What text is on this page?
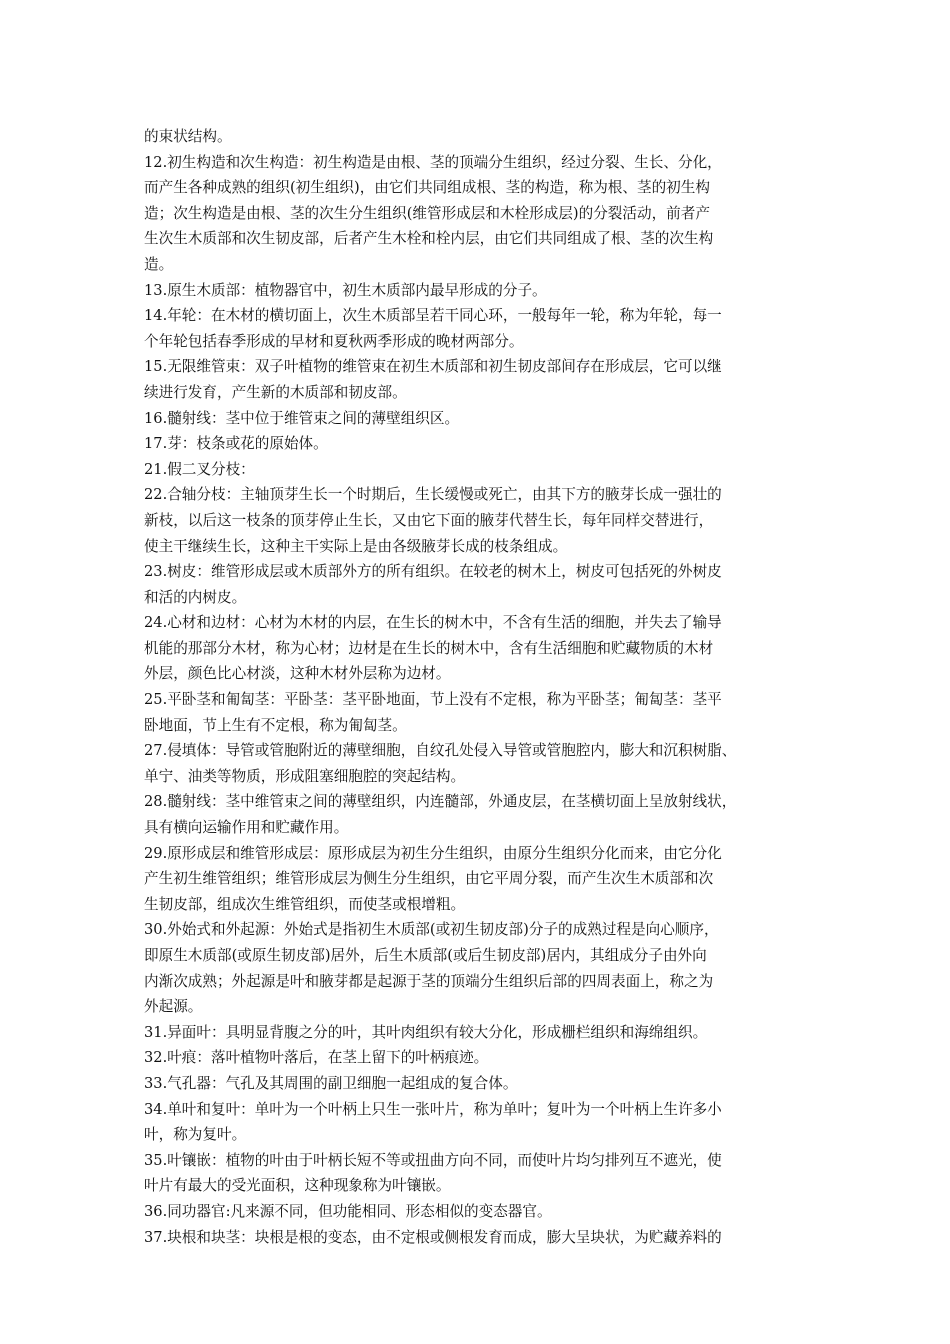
的束状结构。

12.初生构造和次生构造：初生构造是由根、茎的顶端分生组织，经过分裂、生长、分化，
而产生各种成熟的组织(初生组织)，由它们共同组成根、茎的构造，称为根、茎的初生构
造；次生构造是由根、茎的次生分生组织(维管形成层和木栓形成层)的分裂活动，前者产
生次生木质部和次生韧皮部，后者产生木栓和栓内层，由它们共同组成了根、茎的次生构
造。

13.原生木质部：植物器官中，初生木质部内最早形成的分子。

14.年轮：在木材的横切面上，次生木质部呈若干同心环，一般每年一轮，称为年轮，每一
个年轮包括春季形成的早材和夏秋两季形成的晚材两部分。

15.无限维管束：双子叶植物的维管束在初生木质部和初生韧皮部间存在形成层，它可以继
续进行发育，产生新的木质部和韧皮部。

16.髓射线：茎中位于维管束之间的薄壁组织区。

17.芽：枝条或花的原始体。

21.假二叉分枝：

22.合轴分枝：主轴顶芽生长一个时期后，生长缓慢或死亡，由其下方的腋芽长成一强壮的
新枝，以后这一枝条的顶芽停止生长，又由它下面的腋芽代替生长，每年同样交替进行，
使主干继续生长，这种主干实际上是由各级腋芽长成的枝条组成。

23.树皮：维管形成层或木质部外方的所有组织。在较老的树木上，树皮可包括死的外树皮
和活的内树皮。

24.心材和边材：心材为木材的内层，在生长的树木中，不含有生活的细胞，并失去了输导
机能的那部分木材，称为心材；边材是在生长的树木中，含有生活细胞和贮藏物质的木材
外层，颜色比心材淡，这种木材外层称为边材。

25.平卧茎和匍匐茎：平卧茎：茎平卧地面，节上没有不定根，称为平卧茎；匍匐茎：茎平
卧地面，节上生有不定根，称为匍匐茎。

27.侵填体：导管或管胞附近的薄壁细胞，自纹孔处侵入导管或管胞腔内，膨大和沉积树脂、
单宁、油类等物质，形成阻塞细胞腔的突起结构。

28.髓射线：茎中维管束之间的薄壁组织，内连髓部，外通皮层，在茎横切面上呈放射线状，
具有横向运输作用和贮藏作用。

29.原形成层和维管形成层：原形成层为初生分生组织，由原分生组织分化而来，由它分化
产生初生维管组织；维管形成层为侧生分生组织，由它平周分裂，而产生次生木质部和次
生韧皮部，组成次生维管组织，而使茎或根增粗。

30.外始式和外起源：外始式是指初生木质部(或初生韧皮部)分子的成熟过程是向心顺序，
即原生木质部(或原生韧皮部)居外，后生木质部(或后生韧皮部)居内，其组成分子由外向
内渐次成熟；外起源是叶和腋芽都是起源于茎的顶端分生组织后部的四周表面上，称之为
外起源。

31.异面叶：具明显背腹之分的叶，其叶肉组织有较大分化，形成栅栏组织和海绵组织。

32.叶痕：落叶植物叶落后，在茎上留下的叶柄痕迹。

33.气孔器：气孔及其周围的副卫细胞一起组成的复合体。

34.单叶和复叶：单叶为一个叶柄上只生一张叶片，称为单叶；复叶为一个叶柄上生许多小
叶，称为复叶。

35.叶镶嵌：植物的叶由于叶柄长短不等或扭曲方向不同，而使叶片均匀排列互不遮光，使
叶片有最大的受光面积，这种现象称为叶镶嵌。

36.同功器官:凡来源不同，但功能相同、形态相似的变态器官。

37.块根和块茎：块根是根的变态，由不定根或侧根发育而成，膨大呈块状，为贮藏养料的
